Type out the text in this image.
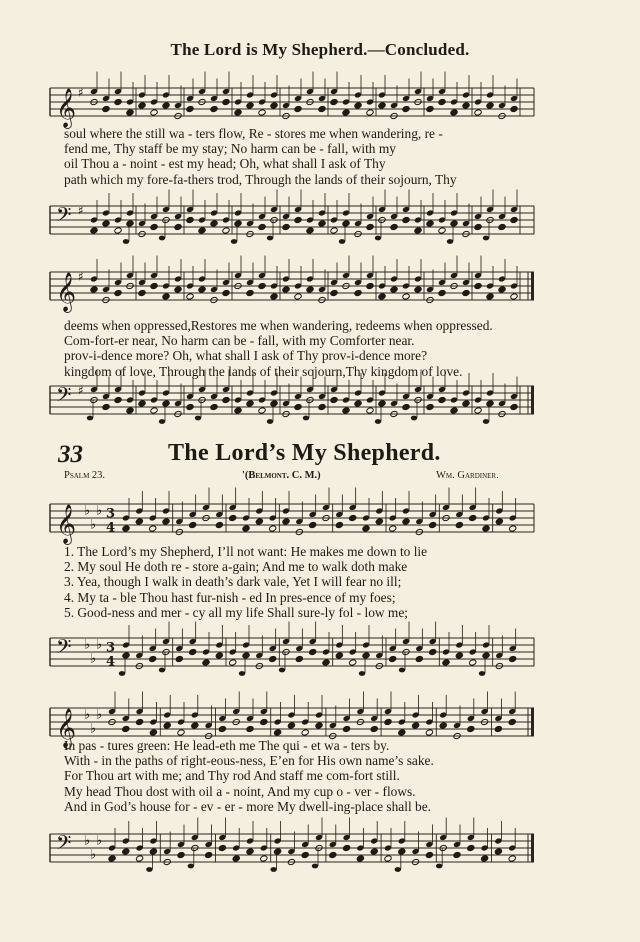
The Lord is My Shepherd.—Concluded.
𝄞 ♯
soul where the still wa - ters flow, Re - stores me when wandering, re -
fend me, Thy staff be my stay; No harm can be - fall, with my
oil Thou a - noint - est my head; Oh, what shall I ask of Thy
path which my fore-fa-thers trod, Through the lands of their sojourn, Thy
𝄢 ♯
𝄞 ♯
deems when oppressed,Restores me when wandering, redeems when oppressed.
Com-fort-er near, No harm can be - fall, with my Comforter near.
prov-i-dence more? Oh, what shall I ask of Thy prov-i-dence more?
kingdom of love, Through the lands of their sojourn,Thy kingdom of love.
𝄢 ♯
33	The Lord’s My Shepherd.
Psalm 23.	'(Belmont. C. M.)	Wm. Gardiner.
𝄞 ♭
♭
♭ 3
4
1. The Lord’s my Shepherd, I’ll not want: He makes me down to lie
2. My soul He doth re - store a-gain; And me to walk doth make
3. Yea, though I walk in death’s dark vale, Yet I will fear no ill;
4. My ta - ble Thou hast fur-nish - ed In pres-ence of my foes;
5. Good-ness and mer - cy all my life Shall sure-ly fol - low me;
𝄢 ♭
♭
♭ 3
4
𝄞 ♭
♭
♭
In pas - tures green: He lead-eth me The qui - et wa - ters by.
With - in the paths of right-eous-ness, E’en for His own name’s sake.
For Thou art with me; and Thy rod And staff me com-fort still.
My head Thou dost with oil a - noint, And my cup o - ver - flows.
And in God’s house for - ev - er - more My dwell-ing-place shall be.
𝄢 ♭
♭
♭
